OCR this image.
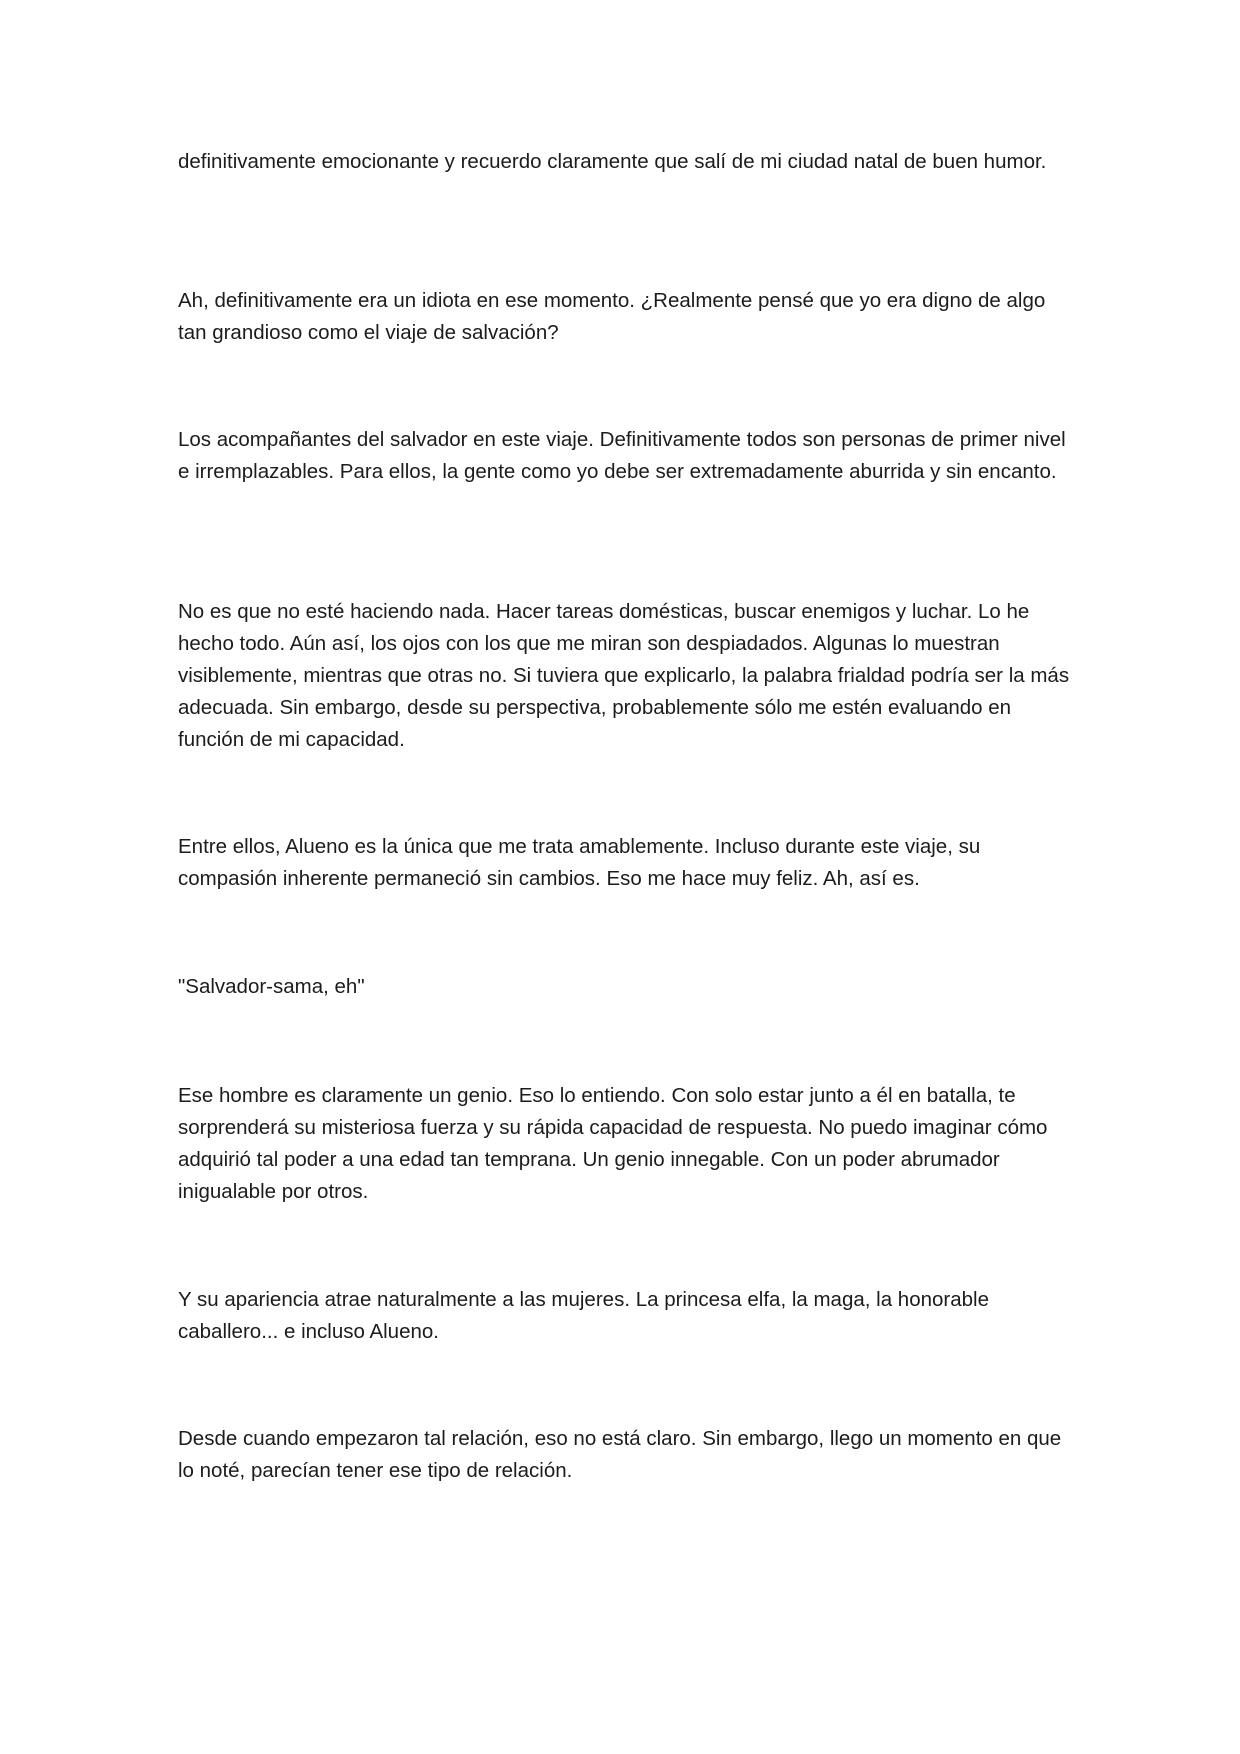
definitivamente emocionante y recuerdo claramente que salí de mi ciudad natal de buen humor.

Ah, definitivamente era un idiota en ese momento. ¿Realmente pensé que yo era digno de algo tan grandioso como el viaje de salvación?

Los acompañantes del salvador en este viaje. Definitivamente todos son personas de primer nivel e irremplazables. Para ellos, la gente como yo debe ser extremadamente aburrida y sin encanto.

No es que no esté haciendo nada. Hacer tareas domésticas, buscar enemigos y luchar. Lo he hecho todo. Aún así, los ojos con los que me miran son despiadados. Algunas lo muestran visiblemente, mientras que otras no. Si tuviera que explicarlo, la palabra frialdad podría ser la más adecuada. Sin embargo, desde su perspectiva, probablemente sólo me estén evaluando en función de mi capacidad.

Entre ellos, Alueno es la única que me trata amablemente. Incluso durante este viaje, su compasión inherente permaneció sin cambios. Eso me hace muy feliz. Ah, así es.

"Salvador-sama, eh"

Ese hombre es claramente un genio. Eso lo entiendo. Con solo estar junto a él en batalla, te sorprenderá su misteriosa fuerza y su rápida capacidad de respuesta. No puedo imaginar cómo adquirió tal poder a una edad tan temprana. Un genio innegable. Con un poder abrumador inigualable por otros.

Y su apariencia atrae naturalmente a las mujeres. La princesa elfa, la maga, la honorable caballero... e incluso Alueno.

Desde cuando empezaron tal relación, eso no está claro. Sin embargo, llego un momento en que lo noté, parecían tener ese tipo de relación.
